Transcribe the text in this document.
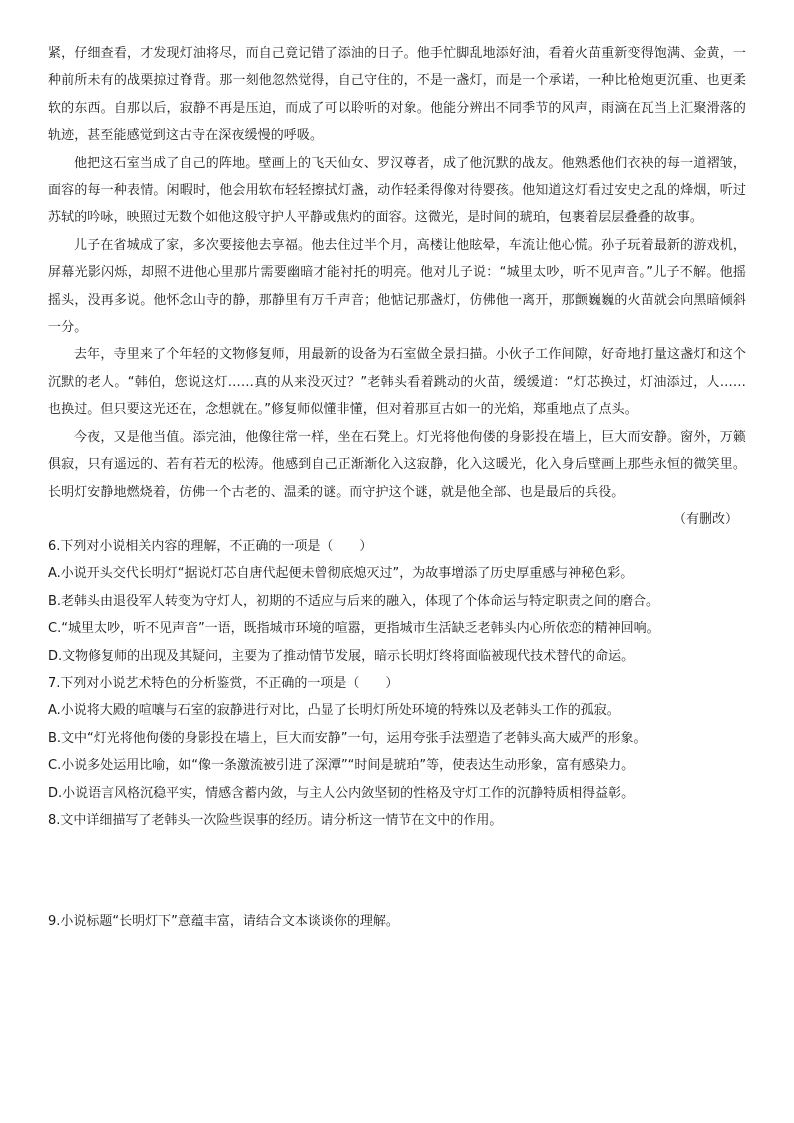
紧，仔细查看，才发现灯油将尽，而自己竟记错了添油的日子。他手忙脚乱地添好油，看着火苗重新变得饱满、金黄，一种前所未有的战栗掠过脊背。那一刻他忽然觉得，自己守住的，不是一盏灯，而是一个承诺，一种比枪炮更沉重、也更柔软的东西。自那以后，寂静不再是压迫，而成了可以聆听的对象。他能分辨出不同季节的风声，雨滴在瓦当上汇聚滑落的轨迹，甚至能感觉到这古寺在深夜缓慢的呼吸。

他把这石室当成了自己的阵地。壁画上的飞天仙女、罗汉尊者，成了他沉默的战友。他熟悉他们衣袂的每一道褶皱，面容的每一种表情。闲暇时，他会用软布轻轻擦拭灯盏，动作轻柔得像对待婴孩。他知道这灯看过安史之乱的烽烟，听过苏轼的吟咏，映照过无数个如他这般守护人平静或焦灼的面容。这微光，是时间的琥珀，包裹着层层叠叠的故事。

儿子在省城成了家，多次要接他去享福。他去住过半个月，高楼让他眩晕，车流让他心慌。孙子玩着最新的游戏机，屏幕光影闪烁，却照不进他心里那片需要幽暗才能衬托的明亮。他对儿子说：“城里太吵，听不见声音。”儿子不解。他摇摇头，没再多说。他怀念山寺的静，那静里有万千声音；他惦记那盏灯，仿佛他一离开，那颤巍巍的火苗就会向黑暗倾斜一分。

去年，寺里来了个年轻的文物修复师，用最新的设备为石室做全景扫描。小伙子工作间隙，好奇地打量这盏灯和这个沉默的老人。“韩伯，您说这灯……真的从来没灭过？”老韩头看着跳动的火苗，缓缓道：“灯芯换过，灯油添过，人……也换过。但只要这光还在，念想就在。”修复师似懂非懂，但对着那亘古如一的光焰，郑重地点了点头。

今夜，又是他当值。添完油，他像往常一样，坐在石凳上。灯光将他佝偻的身影投在墙上，巨大而安静。窗外，万籁俱寂，只有遥远的、若有若无的松涛。他感到自己正渐渐化入这寂静，化入这暖光，化入身后壁画上那些永恒的微笑里。长明灯安静地燃烧着，仿佛一个古老的、温柔的谜。而守护这个谜，就是他全部、也是最后的兵役。

（有删改）

6.下列对小说相关内容的理解，不正确的一项是（　　）

A.小说开头交代长明灯“据说灯芯自唐代起便未曾彻底熄灭过”，为故事增添了历史厚重感与神秘色彩。

B.老韩头由退役军人转变为守灯人，初期的不适应与后来的融入，体现了个体命运与特定职责之间的磨合。

C.“城里太吵，听不见声音”一语，既指城市环境的喧嚣，更指城市生活缺乏老韩头内心所依恋的精神回响。

D.文物修复师的出现及其疑问，主要为了推动情节发展，暗示长明灯终将面临被现代技术替代的命运。

7.下列对小说艺术特色的分析鉴赏，不正确的一项是（　　）

A.小说将大殿的喧嚷与石室的寂静进行对比，凸显了长明灯所处环境的特殊以及老韩头工作的孤寂。

B.文中“灯光将他佝偻的身影投在墙上，巨大而安静”一句，运用夸张手法塑造了老韩头高大威严的形象。

C.小说多处运用比喻，如“像一条激流被引进了深潭”“时间是琥珀”等，使表达生动形象，富有感染力。

D.小说语言风格沉稳平实，情感含蓄内敛，与主人公内敛坚韧的性格及守灯工作的沉静特质相得益彰。

8.文中详细描写了老韩头一次险些误事的经历。请分析这一情节在文中的作用。

9.小说标题“长明灯下”意蕴丰富，请结合文本谈谈你的理解。
